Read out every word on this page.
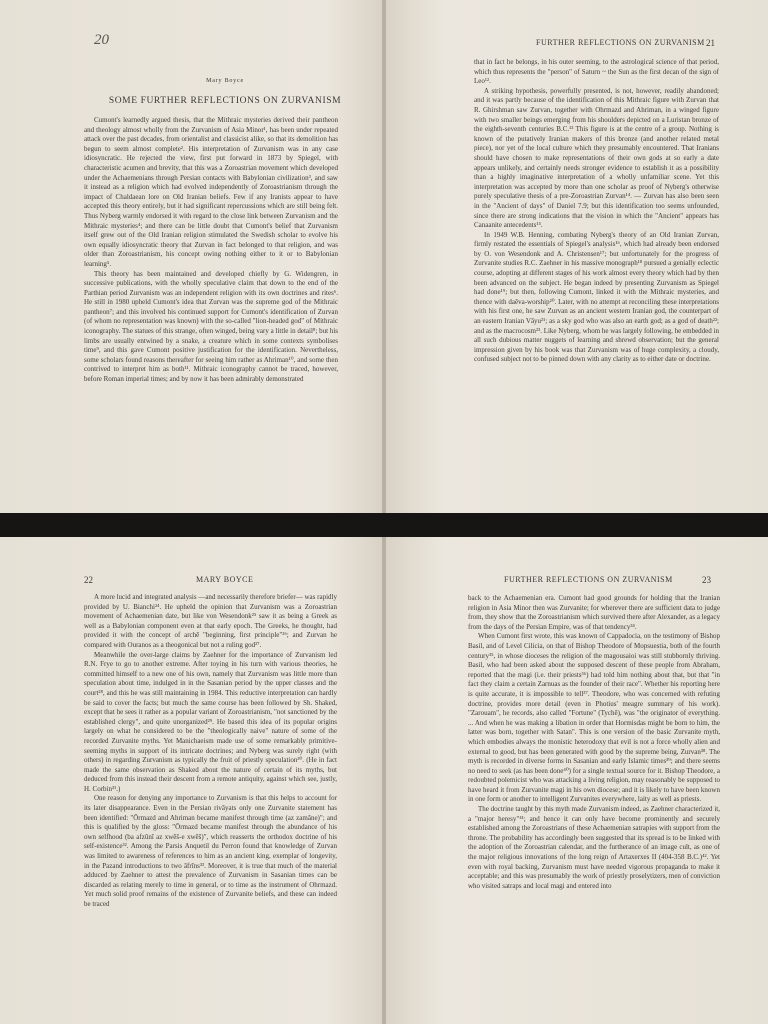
20
Mary Boyce
SOME FURTHER REFLECTIONS ON ZURVANISM

Cumont's learnedly argued thesis, that the Mithraic mysteries derived their pantheon and theology almost wholly from the Zurvanism of Asia Minor¹, has been under repeated attack over the past decades, from orientalist and classicist alike, so that its demolition has begun to seem almost complete². His interpretation of Zurvanism was in any case idiosyncratic. He rejected the view, first put forward in 1873 by Spiegel, with characteristic acumen and brevity, that this was a Zoroastrian movement which developed under the Achaemenians through Persian contacts with Babylonian civilization³, and saw it instead as a religion which had evolved independently of Zoroastrianism through the impact of Chaldaean lore on Old Iranian beliefs. Few if any Iranists appear to have accepted this theory entirely, but it had significant repercussions which are still being felt. Thus Nyberg warmly endorsed it with regard to the close link between Zurvanism and the Mithraic mysteries⁴; and there can be little doubt that Cumont's belief that Zurvanism itself grew out of the Old Iranian religion stimulated the Swedish scholar to evolve his own equally idiosyncratic theory that Zurvan in fact belonged to that religion, and was older than Zoroastrianism, his concept owing nothing either to it or to Babylonian learning⁵.

This theory has been maintained and developed chiefly by G. Widengren, in successive publications, with the wholly speculative claim that down to the end of the Parthian period Zurvanism was an independent religion with its own doctrines and rites⁶. He still in 1980 upheld Cumont's idea that Zurvan was the supreme god of the Mithraic pantheon⁷; and this involved his continued support for Cumont's identification of Zurvan (of whom no representation was known) with the so-called "lion-headed god" of Mithraic iconography. The statues of this strange, often winged, being vary a little in detail⁸; but his limbs are usually entwined by a snake, a creature which in some contexts symbolises time⁹, and this gave Cumont positive justification for the identification. Nevertheless, some scholars found reasons thereafter for seeing him rather as Ahriman¹⁰, and some then contrived to interpret him as both¹¹. Mithraic iconography cannot be traced, however, before Roman imperial times; and by now it has been admirably demonstrated

FURTHER REFLECTIONS ON ZURVANISM 21

that in fact he belongs, in his outer seeming, to the astrological science of that period, which thus represents the "person" of Saturn ~ the Sun as the first decan of the sign of Leo¹².

A striking hypothesis, powerfully presented, is not, however, readily abandoned; and it was partly because of the identification of this Mithraic figure with Zurvan that R. Ghirshman saw Zurvan, together with Ohrmazd and Ahriman, in a winged figure with two smaller beings emerging from his shoulders depicted on a Luristan bronze of the eighth-seventh centuries B.C.¹³ This figure is at the centre of a group. Nothing is known of the putatively Iranian makers of this bronze (and another related metal piece), nor yet of the local culture which they presumably encountered. That Iranians should have chosen to make representations of their own gods at so early a date appears unlikely, and certainly needs stronger evidence to establish it as a possibility than a highly imaginative interpretation of a wholly unfamiliar scene. Yet this interpretation was accepted by more than one scholar as proof of Nyberg's otherwise purely speculative thesis of a pre-Zoroastrian Zurvan¹⁴. — Zurvan has also been seen in the "Ancient of days" of Daniel 7.9; but this identification too seems unfounded, since there are strong indications that the vision in which the "Ancient" appears has Canaanite antecedents¹⁵.

In 1949 W.B. Henning, combating Nyberg's theory of an Old Iranian Zurvan, firmly restated the essentials of Spiegel's analysis¹⁶, which had already been endorsed by O. von Wesendonk and A. Christensen¹⁷; but unfortunately for the progress of Zurvanite studies R.C. Zaehner in his massive monograph¹⁸ pursued a genially eclectic course, adopting at different stages of his work almost every theory which had by then been advanced on the subject. He began indeed by presenting Zurvanism as Spiegel had done¹⁹; but then, following Cumont, linked it with the Mithraic mysteries, and thence with daēva-worship²⁰. Later, with no attempt at reconciling these interpretations with his first one, he saw Zurvan as an ancient western Iranian god, the counterpart of an eastern Iranian Vāyu²¹; as a sky god who was also an earth god; as a god of death²²; and as the macrocosm²³. Like Nyberg, whom he was largely following, he embedded in all such dubious matter nuggets of learning and shrewd observation; but the general impression given by his book was that Zurvanism was of huge complexity, a cloudy, confused subject not to be pinned down with any clarity as to either date or doctrine.

22	MARY BOYCE

A more lucid and integrated analysis —and necessarily therefore briefer— was rapidly provided by U. Bianchi²⁴. He upheld the opinion that Zurvanism was a Zoroastrian movement of Achaemenian date, but like von Wesendonk²⁵ saw it as being a Greek as well as a Babylonian component even at that early epoch. The Greeks, he thought, had provided it with the concept of archē "beginning, first principle"²⁶; and Zurvan he compared with Ouranos as a theogonical but not a ruling god²⁷.

Meanwhile the over-large claims by Zaehner for the importance of Zurvanism led R.N. Frye to go to another extreme. After toying in his turn with various theories, he committed himself to a new one of his own, namely that Zurvanism was little more than speculation about time, indulged in in the Sasanian period by the upper classes and the court²⁸, and this he was still maintaining in 1984. This reductive interpretation can hardly be said to cover the facts; but much the same course has been followed by Sh. Shaked, except that he sees it rather as a popular variant of Zoroastrianism, "not sanctioned by the established clergy", and quite unorganized²⁹. He based this idea of its popular origins largely on what he considered to be the "theologically naive" nature of some of the recorded Zurvanite myths. Yet Manichaeism made use of some remarkably primitive-seeming myths in support of its intricate doctrines; and Nyberg was surely right (with others) in regarding Zurvanism as typically the fruit of priestly speculation³⁰. (He in fact made the same observation as Shaked about the nature of certain of its myths, but deduced from this instead their descent from a remote antiquity, against which see, justly, H. Corbin³¹.)

One reason for denying any importance to Zurvanism is that this helps to account for its later disappearance. Even in the Persian rivāyats only one Zurvanite statement has been identified: "Ōrmazd and Ahriman became manifest through time (az zamāne)"; and this is qualified by the gloss: "Ōrmazd became manifest through the abundance of his own selfhood (ba afzūnī az xwēš-e xwēš)", which reasserts the orthodox doctrine of his self-existence³². Among the Parsis Anquetil du Perron found that knowledge of Zurvan was limited to awareness of references to him as an ancient king, exemplar of longevity, in the Pazand introductions to two āfrīns³³. Moreover, it is true that much of the material adduced by Zaehner to attest the prevalence of Zurvanism in Sasanian times can be discarded as relating merely to time in general, or to time as the instrument of Ohrmazd. Yet much solid proof remains of the existence of Zurvanite beliefs, and these can indeed be traced

FURTHER REFLECTIONS ON ZURVANISM	23

back to the Achaemenian era. Cumont had good grounds for holding that the Iranian religion in Asia Minor then was Zurvanite; for wherever there are sufficient data to judge from, they show that the Zoroastrianism which survived there after Alexander, as a legacy from the days of the Persian Empire, was of that tendency³⁴.

When Cumont first wrote, this was known of Cappadocia, on the testimony of Bishop Basil, and of Level Cilicia, on that of Bishop Theodore of Mopsuestia, both of the fourth century³⁵, in whose dioceses the religion of the magousaioi was still stubbornly thriving. Basil, who had been asked about the supposed descent of these people from Abraham, reported that the magi (i.e. their priests³⁶) had told him nothing about that, but that "in fact they claim a certain Zarnuas as the founder of their race". Whether his reporting here is quite accurate, it is impossible to tell³⁷. Theodore, who was concerned with refuting doctrine, provides more detail (even in Photius' meagre summary of his work). "Zarouam", he records, also called "Fortune" (Tychē), was "the originator of everything. ... And when he was making a libation in order that Hormisdas might be born to him, the latter was born, together with Satan". This is one version of the basic Zurvanite myth, which embodies always the monistic heterodoxy that evil is not a force wholly alien and external to good, but has been generated with good by the supreme being, Zurvan³⁸. The myth is recorded in diverse forms in Sasanian and early Islamic times³⁹; and there seems no need to seek (as has been done⁴⁰) for a single textual source for it. Bishop Theodore, a redoubted polemicist who was attacking a living religion, may reasonably be supposed to have heard it from Zurvanite magi in his own diocese; and it is likely to have been known in one form or another to intelligent Zurvanites everywhere, laity as well as priests.

The doctrine taught by this myth made Zurvanism indeed, as Zaehner characterized it, a "major heresy"⁴¹; and hence it can only have become prominently and securely established among the Zoroastrians of these Achaemenian satrapies with support from the throne. The probability has accordingly been suggested that its spread is to be linked with the adoption of the Zoroastrian calendar, and the furtherance of an image cult, as one of the major religious innovations of the long reign of Artaxerxes II (404-358 B.C.)⁴². Yet even with royal backing, Zurvanism must have needed vigorous propaganda to make it acceptable; and this was presumably the work of priestly proselytizers, men of conviction who visited satraps and local magi and entered into
